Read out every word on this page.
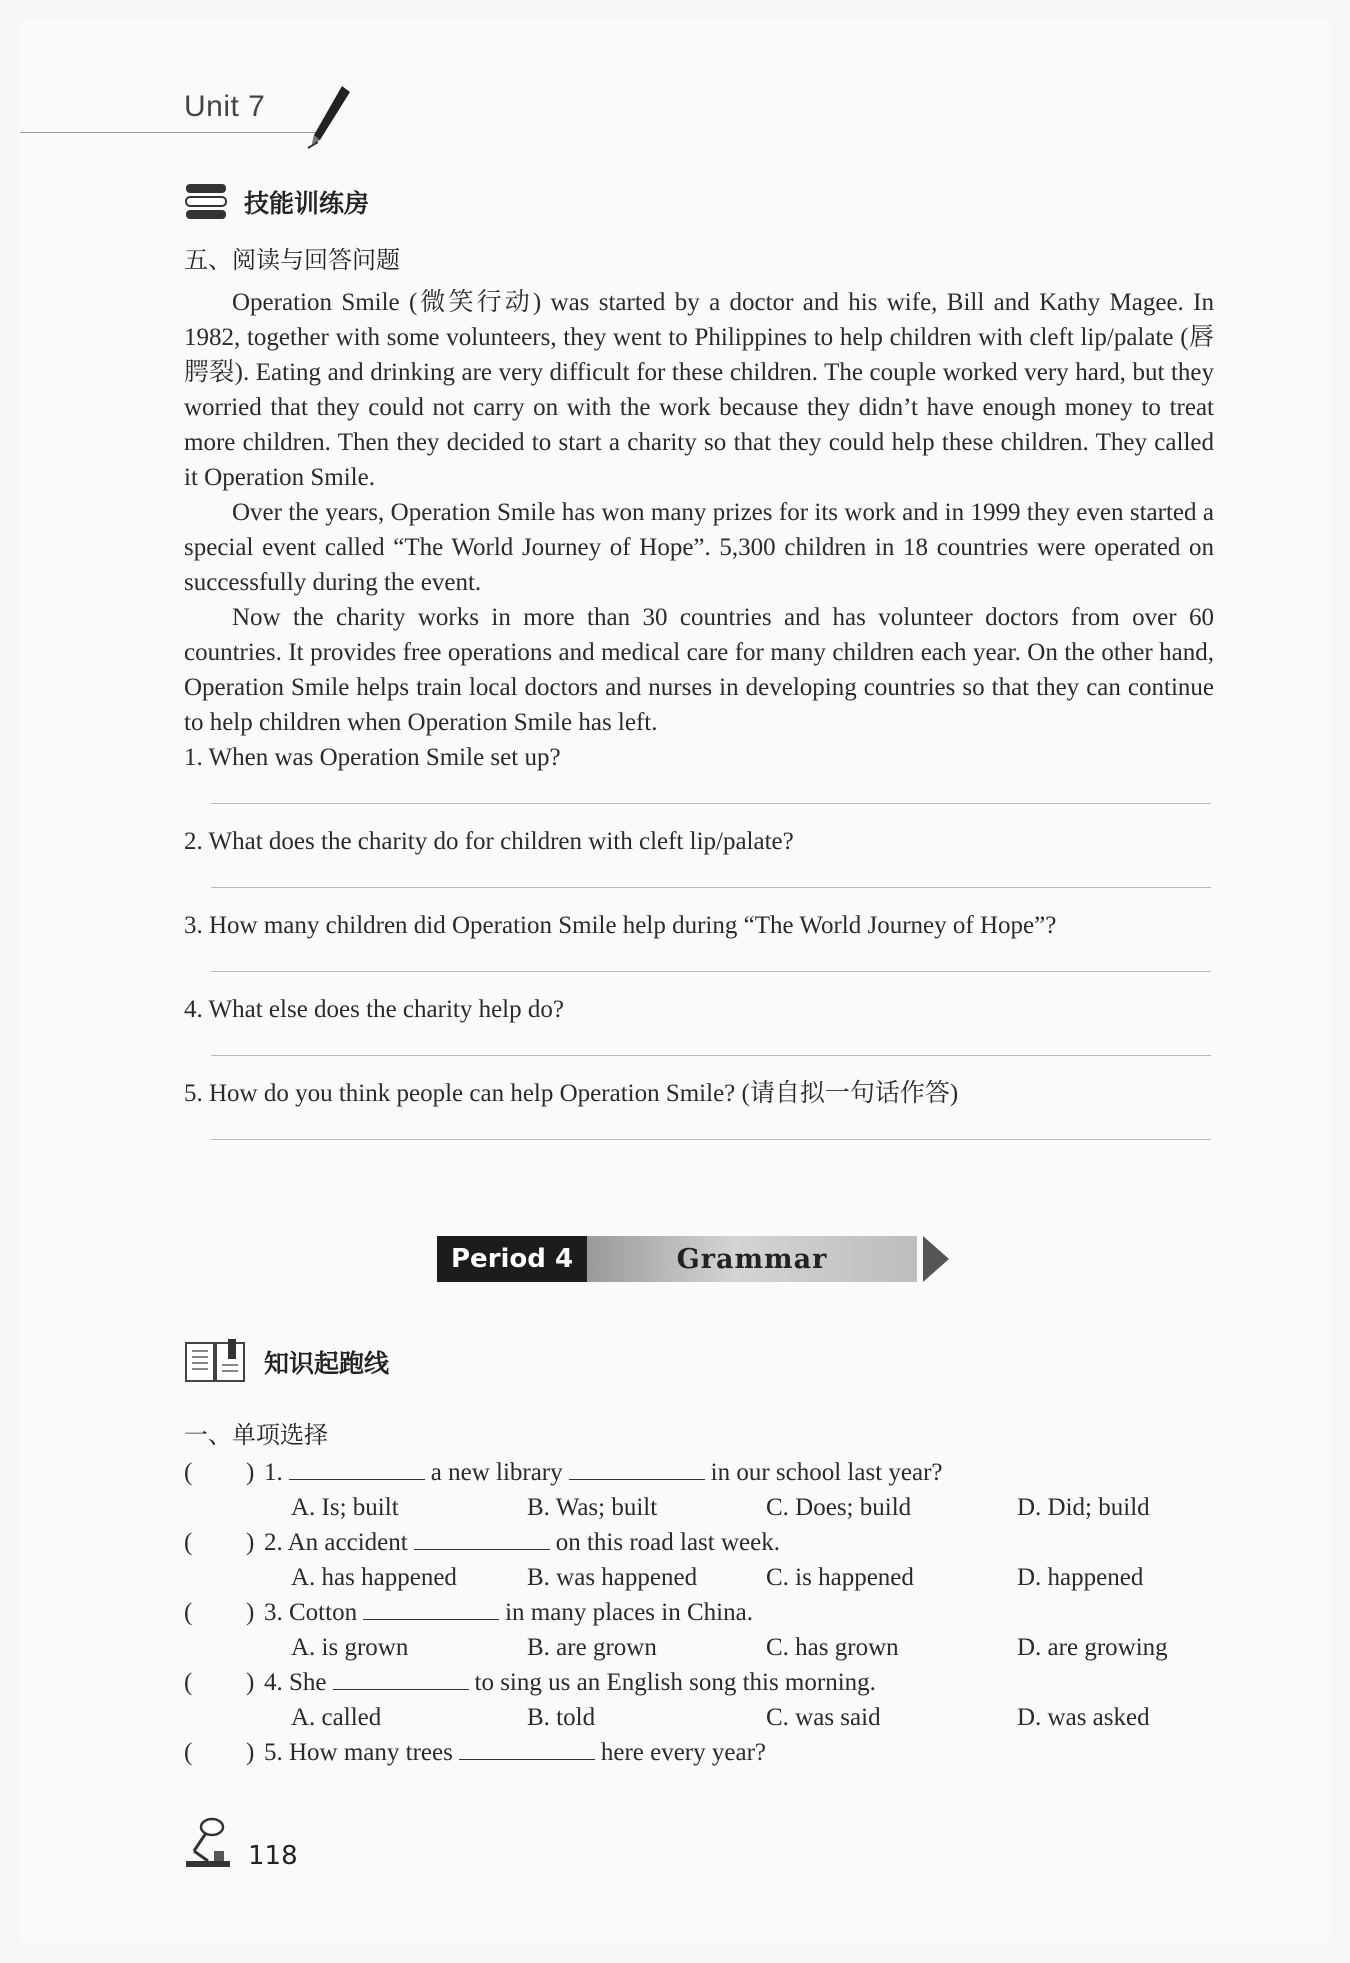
Unit 7
技能训练房
五、阅读与回答问题

Operation Smile (微笑行动) was started by a doctor and his wife, Bill and Kathy Magee. In 1982, together with some volunteers, they went to Philippines to help children with cleft lip/palate (唇腭裂). Eating and drinking are very difficult for these children. The couple worked very hard, but they worried that they could not carry on with the work because they didn’t have enough money to treat more children. Then they decided to start a charity so that they could help these children. They called it Operation Smile.

Over the years, Operation Smile has won many prizes for its work and in 1999 they even started a special event called “The World Journey of Hope”. 5,300 children in 18 countries were operated on successfully during the event.

Now the charity works in more than 30 countries and has volunteer doctors from over 60 countries. It provides free operations and medical care for many children each year. On the other hand, Operation Smile helps train local doctors and nurses in developing countries so that they can continue to help children when Operation Smile has left.

1. When was Operation Smile set up?
2. What does the charity do for children with cleft lip/palate?
3. How many children did Operation Smile help during “The World Journey of Hope”?
4. What else does the charity help do?
5. How do you think people can help Operation Smile? (请自拟一句话作答)
Period 4	Grammar
知识起跑线
一、单项选择
( ) 1.	a new library	in our school last year?
A. Is; built	B. Was; built	C. Does; build	D. Did; build
( ) 2. An accident	on this road last week.
A. has happened	B. was happened	C. is happened	D. happened
( ) 3. Cotton	in many places in China.
A. is grown	B. are grown	C. has grown	D. are growing
( ) 4. She	to sing us an English song this morning.
A. called	B. told	C. was said	D. was asked
( ) 5. How many trees	here every year?
118
